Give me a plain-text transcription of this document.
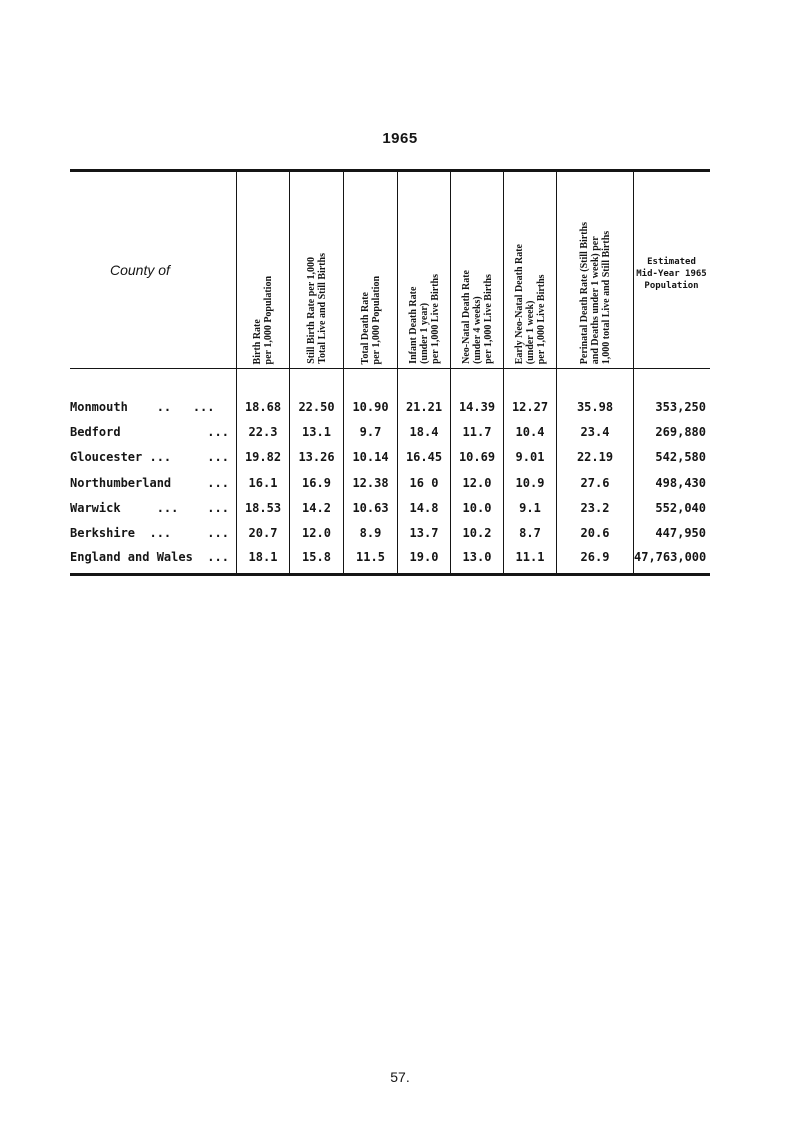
1965
County of
Birth Rate
per 1,000 Population
Still Birth Rate per 1,000
Total Live and Still Births
Total Death Rate
per 1,000 Population
Infant Death Rate
(under 1 year)
per 1,000 Live Births
Neo-Natal Death Rate
(under 4 weeks)
per 1,000 Live Births
Early Neo-Natal Death Rate
(under 1 week)
per 1,000 Live Births
Perinatal Death Rate (Still Births
and Deaths under 1 week) per
1,000 total Live and Still Births
Estimated
Mid-Year 1965
Population
Monmouth    ..   ...	18.68	22.50	10.90	21.21	14.39	12.27	35.98	353,250
Bedford            ...	22.3	13.1	9.7	18.4	11.7	10.4	23.4	269,880
Gloucester ...     ...	19.82	13.26	10.14	16.45	10.69	9.01	22.19	542,580
Northumberland     ...	16.1	16.9	12.38	16 0	12.0	10.9	27.6	498,430
Warwick     ...    ...	18.53	14.2	10.63	14.8	10.0	9.1	23.2	552,040
Berkshire  ...     ...	20.7	12.0	8.9	13.7	10.2	8.7	20.6	447,950
England and Wales  ...	18.1	15.8	11.5	19.0	13.0	11.1	26.9	47,763,000
57.
